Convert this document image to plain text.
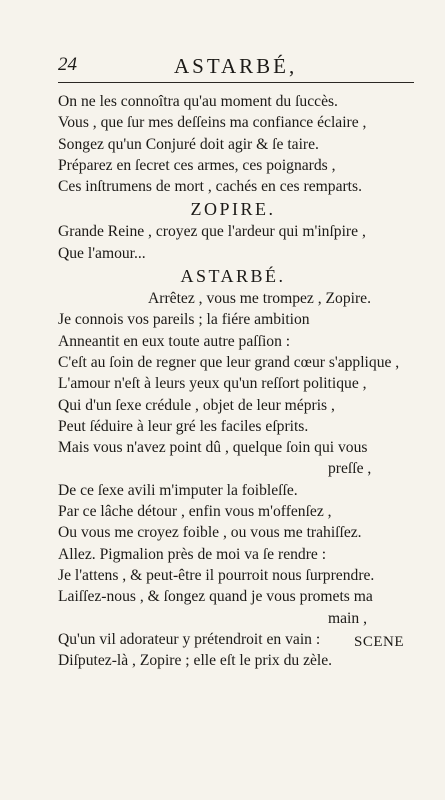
24	ASTARBÉ,
On ne les connoîtra qu'au moment du ſuccès.
Vous , que ſur mes deſſeins ma confiance éclaire ,
Songez qu'un Conjuré doit agir & ſe taire.
Préparez en ſecret ces armes, ces poignards ,
Ces inſtrumens de mort , cachés en ces remparts.
ZOPIRE.
Grande Reine , croyez que l'ardeur qui m'inſpire ,
Que l'amour...
ASTARBÉ.
Arrêtez , vous me trompez , Zopire.
Je connois vos pareils ; la fiére ambition
Anneantit en eux toute autre paſſion :
C'eſt au ſoin de regner que leur grand cœur s'applique ,
L'amour n'eſt à leurs yeux qu'un reſſort politique ,
Qui d'un ſexe crédule , objet de leur mépris ,
Peut ſéduire à leur gré les faciles eſprits.
Mais vous n'avez point dû , quelque ſoin qui vous
preſſe ,
De ce ſexe avili m'imputer la foibleſſe.
Par ce lâche détour , enfin vous m'offenſez ,
Ou vous me croyez foible , ou vous me trahiſſez.
Allez. Pigmalion près de moi va ſe rendre :
Je l'attens , & peut-être il pourroit nous ſurprendre.
Laiſſez-nous , & ſongez quand je vous promets ma
main ,
Qu'un vil adorateur y prétendroit en vain :
Diſputez-là , Zopire ; elle eſt le prix du zèle.
SCENE
